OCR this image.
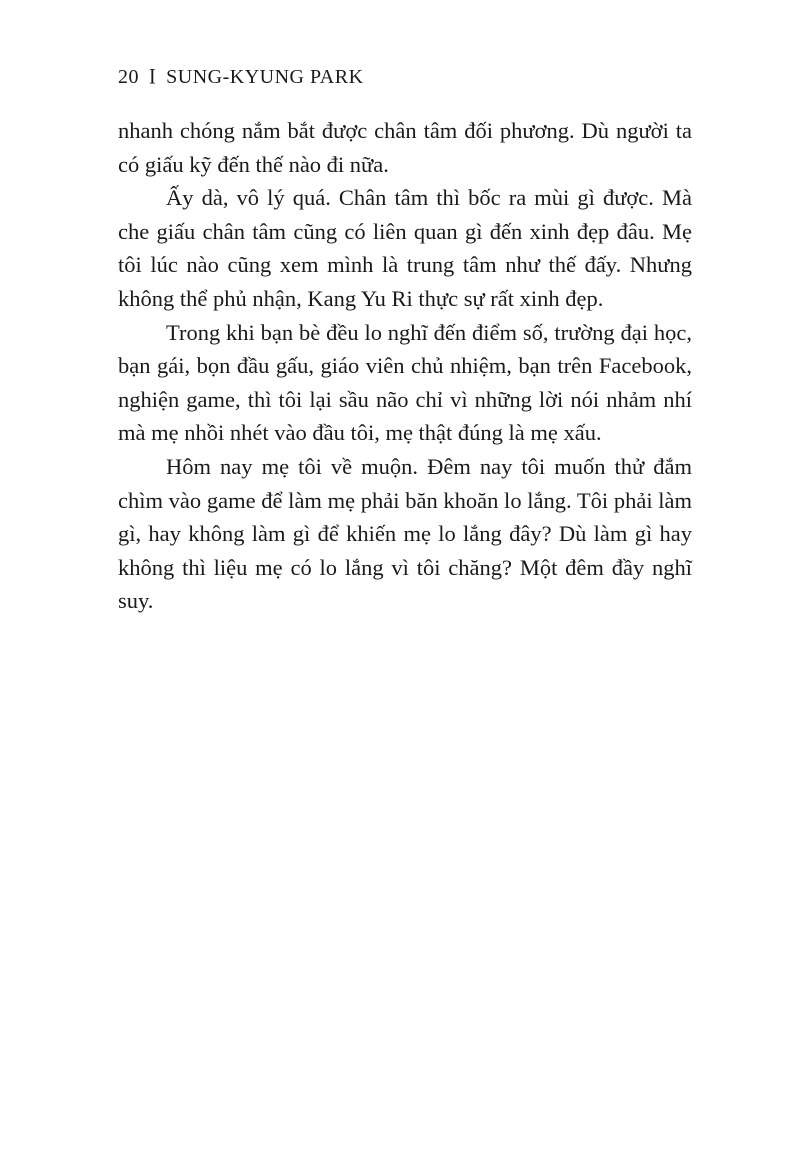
20 I SUNG-KYUNG PARK

nhanh chóng nắm bắt được chân tâm đối phương. Dù người ta có giấu kỹ đến thế nào đi nữa.

Ấy dà, vô lý quá. Chân tâm thì bốc ra mùi gì được. Mà che giấu chân tâm cũng có liên quan gì đến xinh đẹp đâu. Mẹ tôi lúc nào cũng xem mình là trung tâm như thế đấy. Nhưng không thể phủ nhận, Kang Yu Ri thực sự rất xinh đẹp.

Trong khi bạn bè đều lo nghĩ đến điểm số, trường đại học, bạn gái, bọn đầu gấu, giáo viên chủ nhiệm, bạn trên Facebook, nghiện game, thì tôi lại sầu não chỉ vì những lời nói nhảm nhí mà mẹ nhồi nhét vào đầu tôi, mẹ thật đúng là mẹ xấu.

Hôm nay mẹ tôi về muộn. Đêm nay tôi muốn thử đắm chìm vào game để làm mẹ phải băn khoăn lo lắng. Tôi phải làm gì, hay không làm gì để khiến mẹ lo lắng đây? Dù làm gì hay không thì liệu mẹ có lo lắng vì tôi chăng? Một đêm đầy nghĩ suy.
